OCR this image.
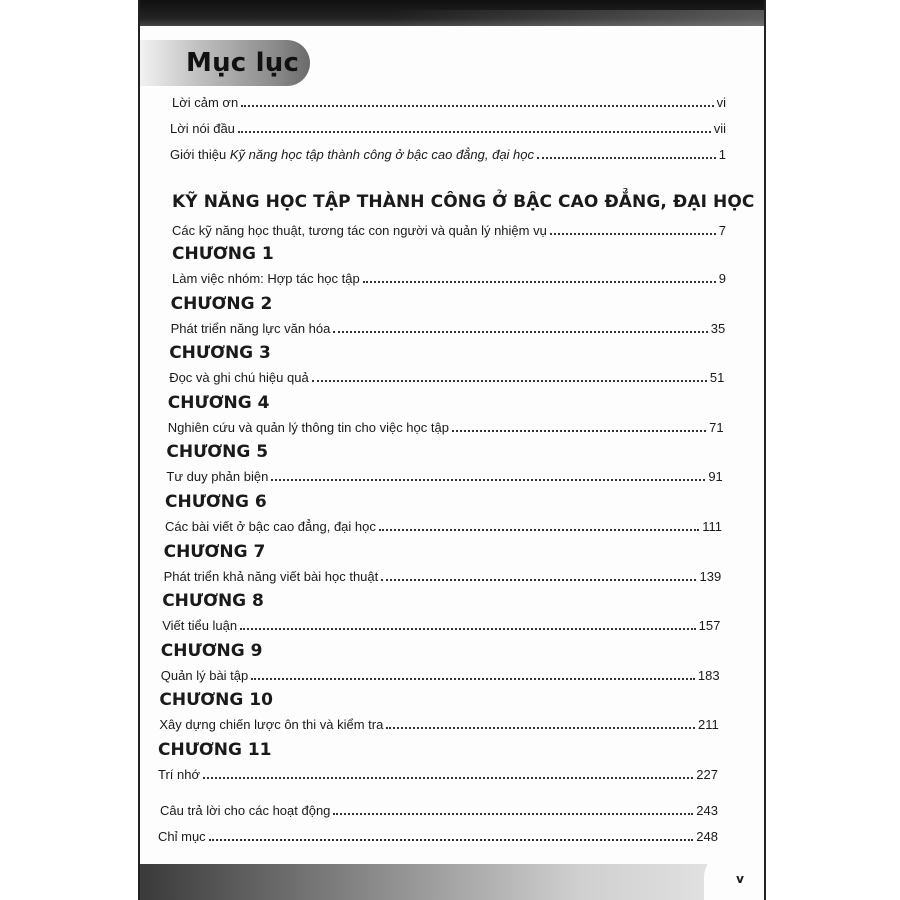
Mục lục
Lời cảm ơn	vi
Lời nói đầu	vii
Giới thiệu Kỹ năng học tập thành công ở bậc cao đẳng, đại học	1
KỸ NĂNG HỌC TẬP THÀNH CÔNG Ở BẬC CAO ĐẲNG, ĐẠI HỌC
Các kỹ năng học thuật, tương tác con người và quản lý nhiệm vụ	7
CHƯƠNG 1
Làm việc nhóm: Hợp tác học tập	9
CHƯƠNG 2
Phát triển năng lực văn hóa	35
CHƯƠNG 3
Đọc và ghi chú hiệu quả	51
CHƯƠNG 4
Nghiên cứu và quản lý thông tin cho việc học tập	71
CHƯƠNG 5
Tư duy phản biện	91
CHƯƠNG 6
Các bài viết ở bậc cao đẳng, đại học	111
CHƯƠNG 7
Phát triển khả năng viết bài học thuật	139
CHƯƠNG 8
Viết tiểu luận	157
CHƯƠNG 9
Quản lý bài tập	183
CHƯƠNG 10
Xây dựng chiến lược ôn thi và kiểm tra	211
CHƯƠNG 11
Trí nhớ	227
Câu trả lời cho các hoạt động	243
Chỉ mục	248
v
